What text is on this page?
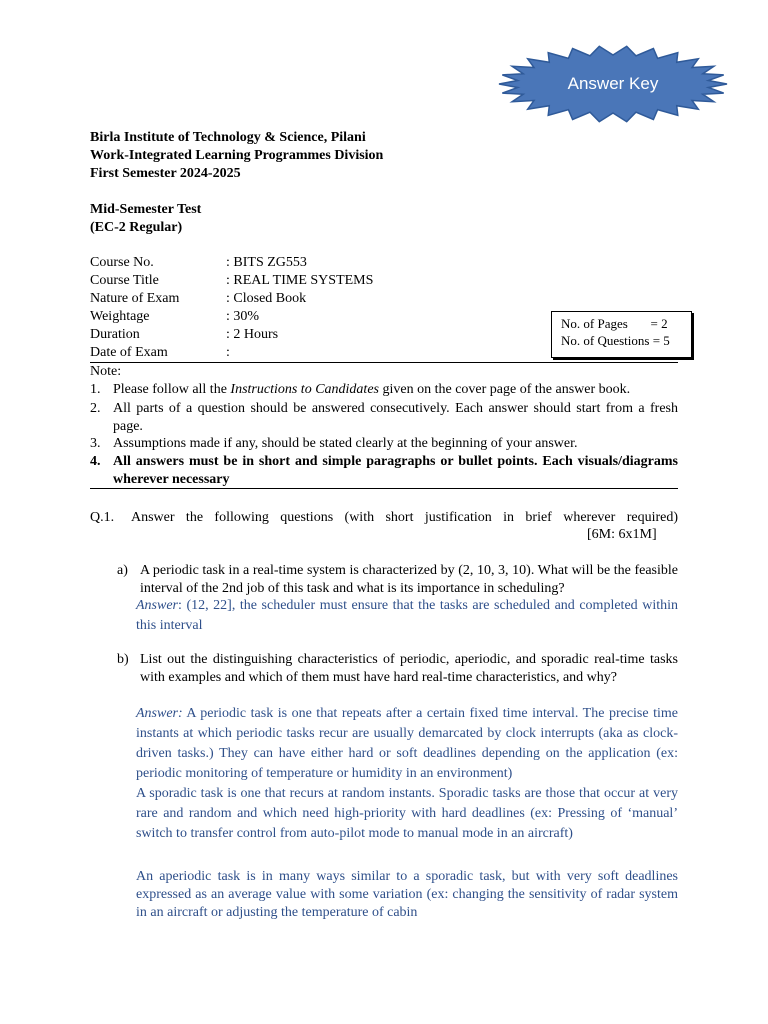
Answer Key
Birla Institute of Technology & Science, Pilani
Work-Integrated Learning Programmes Division
First Semester 2024-2025
Mid-Semester Test
(EC-2 Regular)
Course No.	: BITS ZG553
Course Title	: REAL TIME SYSTEMS
Nature of Exam	: Closed Book
Weightage	: 30%
Duration	: 2 Hours
Date of Exam	:
No. of Pages       = 2
No. of Questions = 5
Note:
1. Please follow all the Instructions to Candidates given on the cover page of the answer book.
2. All parts of a question should be answered consecutively. Each answer should start from a fresh page.
3. Assumptions made if any, should be stated clearly at the beginning of your answer.
4. All answers must be in short and simple paragraphs or bullet points. Each visuals/diagrams wherever necessary
Q.1. Answer the following questions (with short justification in brief wherever required)
[6M: 6x1M]
a) A periodic task in a real-time system is characterized by (2, 10, 3, 10). What will be the feasible interval of the 2nd job of this task and what is its importance in scheduling?

Answer: (12, 22], the scheduler must ensure that the tasks are scheduled and completed within this interval

b) List out the distinguishing characteristics of periodic, aperiodic, and sporadic real-time tasks with examples and which of them must have hard real-time characteristics, and why?

Answer: A periodic task is one that repeats after a certain fixed time interval. The precise time instants at which periodic tasks recur are usually demarcated by clock interrupts (aka as clock-driven tasks.) They can have either hard or soft deadlines depending on the application (ex: periodic monitoring of temperature or humidity in an environment)

A sporadic task is one that recurs at random instants. Sporadic tasks are those that occur at very rare and random and which need high-priority with hard deadlines (ex: Pressing of ‘manual’ switch to transfer control from auto-pilot mode to manual mode in an aircraft)

An aperiodic task is in many ways similar to a sporadic task, but with very soft deadlines expressed as an average value with some variation (ex: changing the sensitivity of radar system in an aircraft or adjusting the temperature of cabin
